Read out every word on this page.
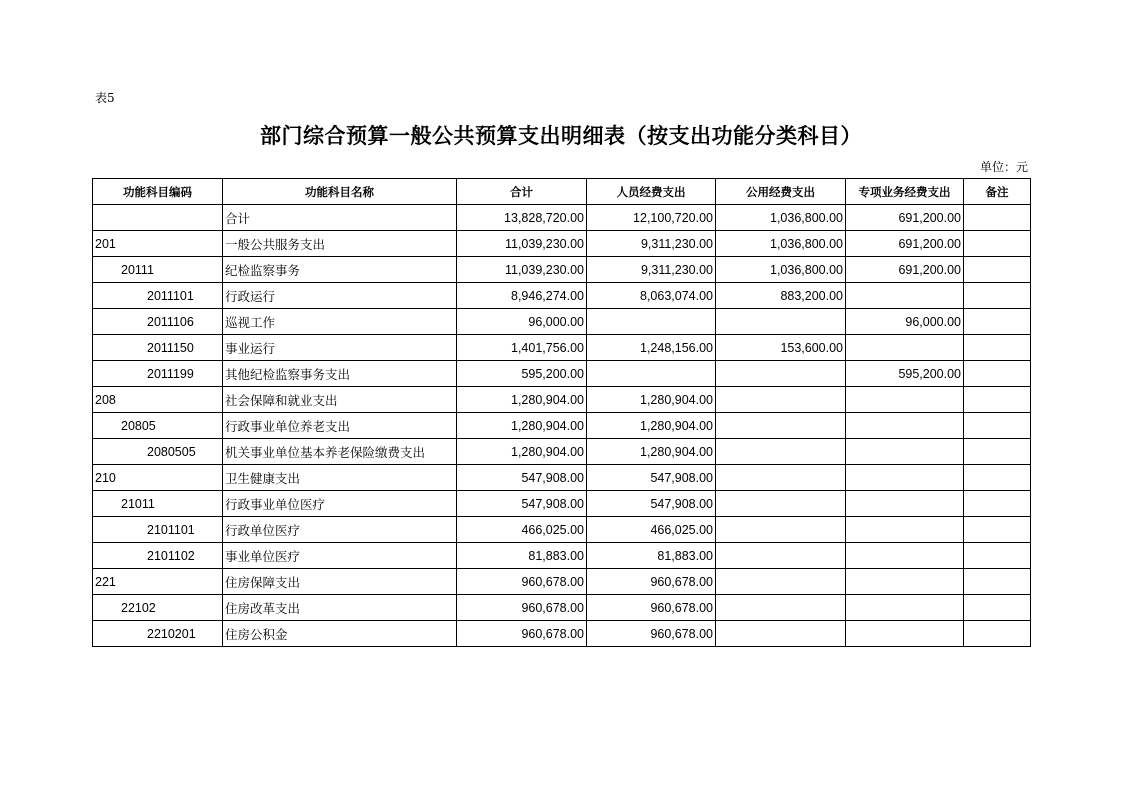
表5
部门综合预算一般公共预算支出明细表（按支出功能分类科目）
单位：元
功能科目编码	功能科目名称	合计	人员经费支出	公用经费支出	专项业务经费支出	备注
	合计	13,828,720.00	12,100,720.00	1,036,800.00	691,200.00	
201	一般公共服务支出	11,039,230.00	9,311,230.00	1,036,800.00	691,200.00	
20111	纪检监察事务	11,039,230.00	9,311,230.00	1,036,800.00	691,200.00	
2011101	行政运行	8,946,274.00	8,063,074.00	883,200.00		
2011106	巡视工作	96,000.00			96,000.00	
2011150	事业运行	1,401,756.00	1,248,156.00	153,600.00		
2011199	其他纪检监察事务支出	595,200.00			595,200.00	
208	社会保障和就业支出	1,280,904.00	1,280,904.00			
20805	行政事业单位养老支出	1,280,904.00	1,280,904.00			
2080505	机关事业单位基本养老保险缴费支出	1,280,904.00	1,280,904.00			
210	卫生健康支出	547,908.00	547,908.00			
21011	行政事业单位医疗	547,908.00	547,908.00			
2101101	行政单位医疗	466,025.00	466,025.00			
2101102	事业单位医疗	81,883.00	81,883.00			
221	住房保障支出	960,678.00	960,678.00			
22102	住房改革支出	960,678.00	960,678.00			
2210201	住房公积金	960,678.00	960,678.00			
